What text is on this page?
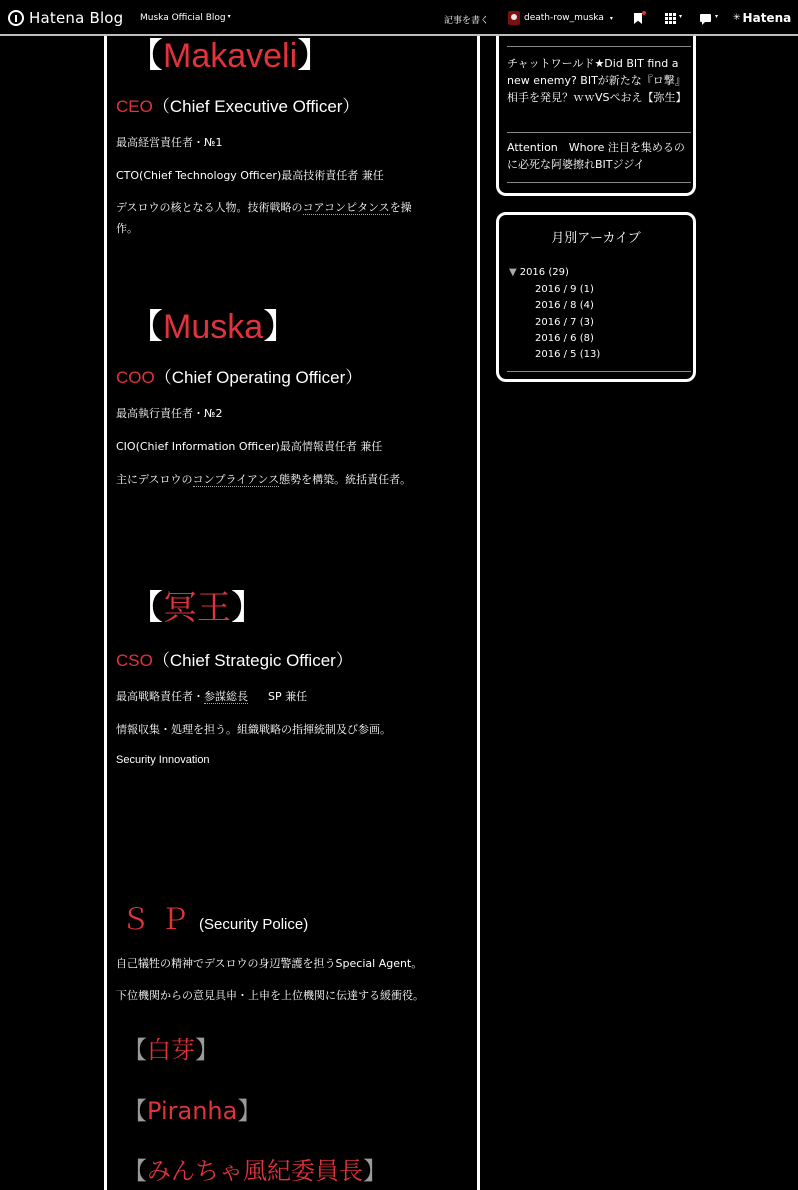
Hatena Blog Muska Official Blog ▾	記事を書く	death-row_muska ▾	▾	▾ ✳ Hatena
【Makaveli】
CEO（Chief Executive Officer）
最高経営責任者・№1
CTO(Chief Technology Officer)最高技術責任者 兼任
デスロウの核となる人物。技術戦略のコアコンピタンスを操
作。
【Muska】
COO（Chief Operating Officer）
最高執行責任者・№2
CIO(Chief Information Officer)最高情報責任者 兼任
主にデスロウのコンプライアンス態勢を構築。統括責任者。
【冥王】
CSO（Chief Strategic Officer）
最高戦略責任者・参謀総長 SP 兼任
情報収集・処理を担う。組織戦略の指揮統制及び参画。
Security Innovation
ＳＰ(Security Police)
自己犠牲の精神でデスロウの身辺警護を担うSpecial Agent。
下位機関からの意見具申・上申を上位機関に伝達する緩衝役。
【白芽】
【Piranha】
【みんちゃ風紀委員長】
チャットワールド★Did BIT find a new enemy? BITが新たな『ロ撃』相手を発見？ｗｗVSぺおえ【弥生】
Attention　Whore 注目を集めるのに必死な阿婆擦れBITジジイ
月別アーカイブ
▼ 2016 (29)
2016 / 9 (1)
2016 / 8 (4)
2016 / 7 (3)
2016 / 6 (8)
2016 / 5 (13)
